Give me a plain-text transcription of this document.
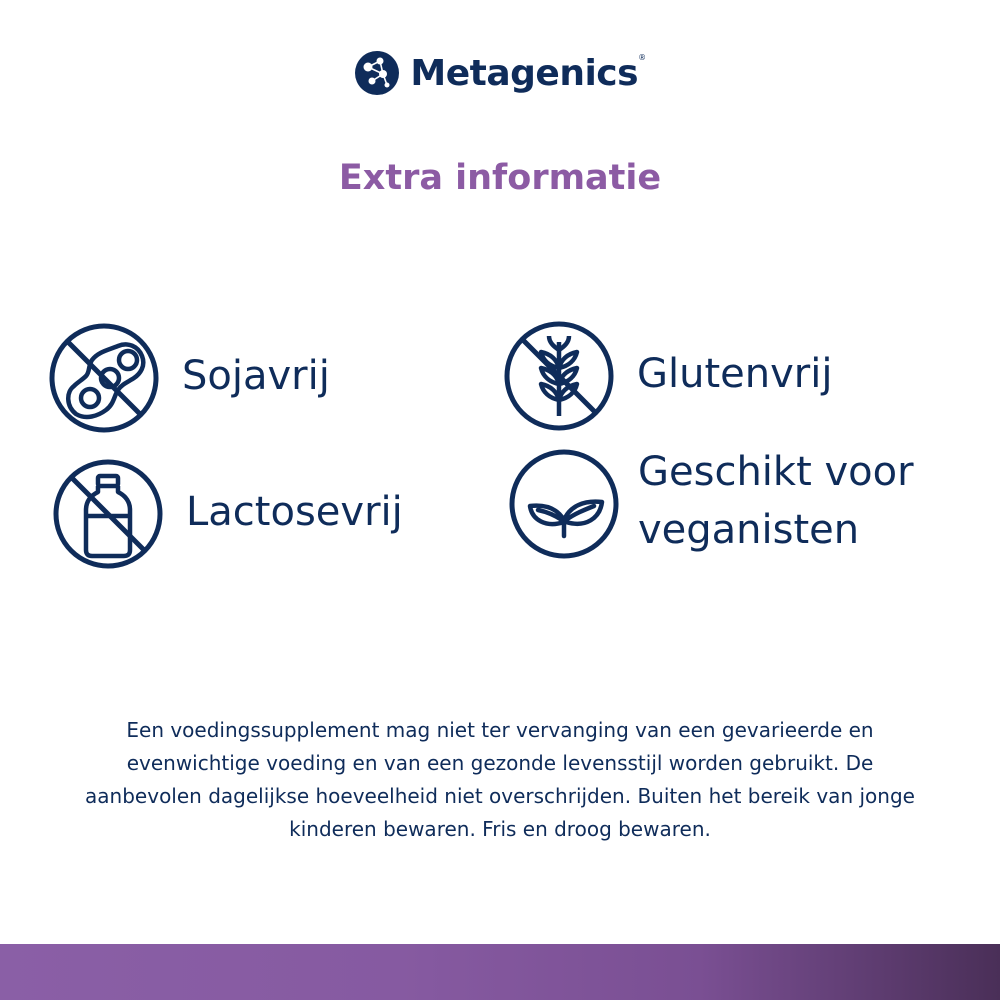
Metagenics®
Extra informatie
Sojavrij	Glutenvrij
Lactosevrij
Geschikt voor
veganisten
Een voedingssupplement mag niet ter vervanging van een gevarieerde en evenwichtige voeding en van een gezonde levensstijl worden gebruikt. De aanbevolen dagelijkse hoeveelheid niet overschrijden. Buiten het bereik van jonge kinderen bewaren. Fris en droog bewaren.
